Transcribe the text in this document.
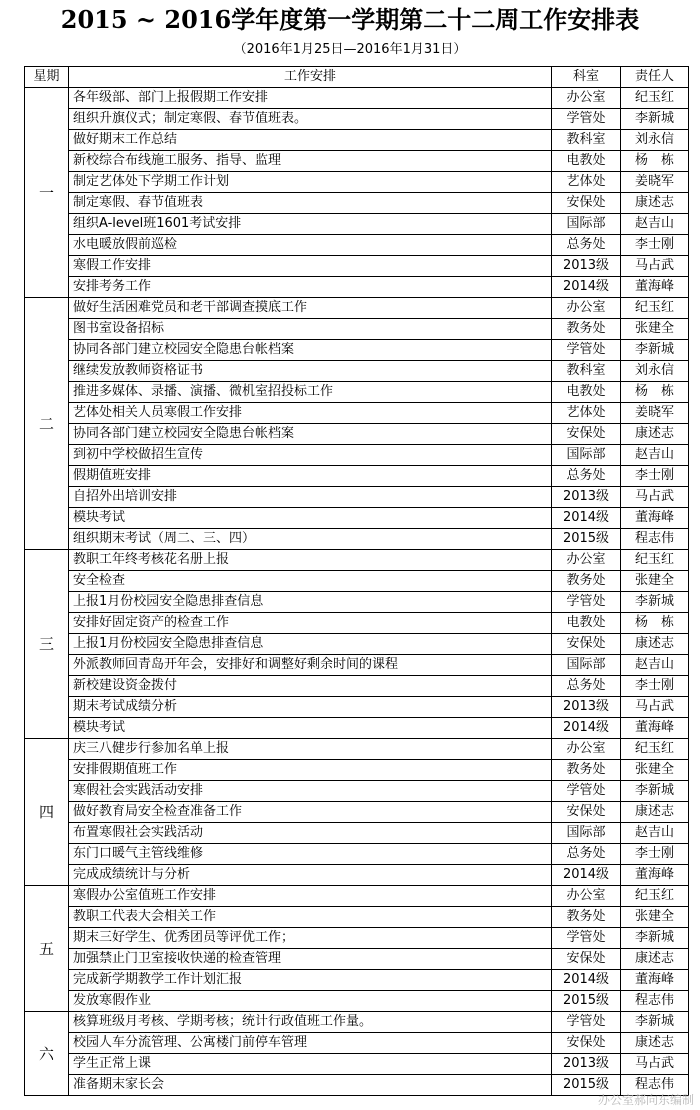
2015 ~ 2016学年度第一学期第二十二周工作安排表
（2016年1月25日—2016年1月31日）
星期	工作安排	科室	责任人
一	各年级部、部门上报假期工作安排	办公室	纪玉红
	组织升旗仪式；制定寒假、春节值班表。	学管处	李新城
	做好期末工作总结	教科室	刘永信
	新校综合布线施工服务、指导、监理	电教处	杨　栋
	制定艺体处下学期工作计划	艺体处	姜晓军
	制定寒假、春节值班表	安保处	康述志
	组织A-level班1601考试安排	国际部	赵吉山
	水电暖放假前巡检	总务处	李士刚
	寒假工作安排	2013级	马占武
	安排考务工作	2014级	董海峰
二	做好生活困难党员和老干部调查摸底工作	办公室	纪玉红
	图书室设备招标	教务处	张建全
	协同各部门建立校园安全隐患台帐档案	学管处	李新城
	继续发放教师资格证书	教科室	刘永信
	推进多媒体、录播、演播、微机室招投标工作	电教处	杨　栋
	艺体处相关人员寒假工作安排	艺体处	姜晓军
	协同各部门建立校园安全隐患台帐档案	安保处	康述志
	到初中学校做招生宣传	国际部	赵吉山
	假期值班安排	总务处	李士刚
	自招外出培训安排	2013级	马占武
	模块考试	2014级	董海峰
	组织期末考试（周二、三、四）	2015级	程志伟
三	教职工年终考核花名册上报	办公室	纪玉红
	安全检查	教务处	张建全
	上报1月份校园安全隐患排查信息	学管处	李新城
	安排好固定资产的检查工作	电教处	杨　栋
	上报1月份校园安全隐患排查信息	安保处	康述志
	外派教师回青岛开年会，安排好和调整好剩余时间的课程	国际部	赵吉山
	新校建设资金拨付	总务处	李士刚
	期末考试成绩分析	2013级	马占武
	模块考试	2014级	董海峰
四	庆三八健步行参加名单上报	办公室	纪玉红
	安排假期值班工作	教务处	张建全
	寒假社会实践活动安排	学管处	李新城
	做好教育局安全检查准备工作	安保处	康述志
	布置寒假社会实践活动	国际部	赵吉山
	东门口暖气主管线维修	总务处	李士刚
	完成成绩统计与分析	2014级	董海峰
五	寒假办公室值班工作安排	办公室	纪玉红
	教职工代表大会相关工作	教务处	张建全
	期末三好学生、优秀团员等评优工作；	学管处	李新城
	加强禁止门卫室接收快递的检查管理	安保处	康述志
	完成新学期教学工作计划汇报	2014级	董海峰
	发放寒假作业	2015级	程志伟
六	核算班级月考核、学期考核；统计行政值班工作量。	学管处	李新城
	校园人车分流管理、公寓楼门前停车管理	安保处	康述志
	学生正常上课	2013级	马占武
	准备期末家长会	2015级	程志伟
办公室郝向东编制
